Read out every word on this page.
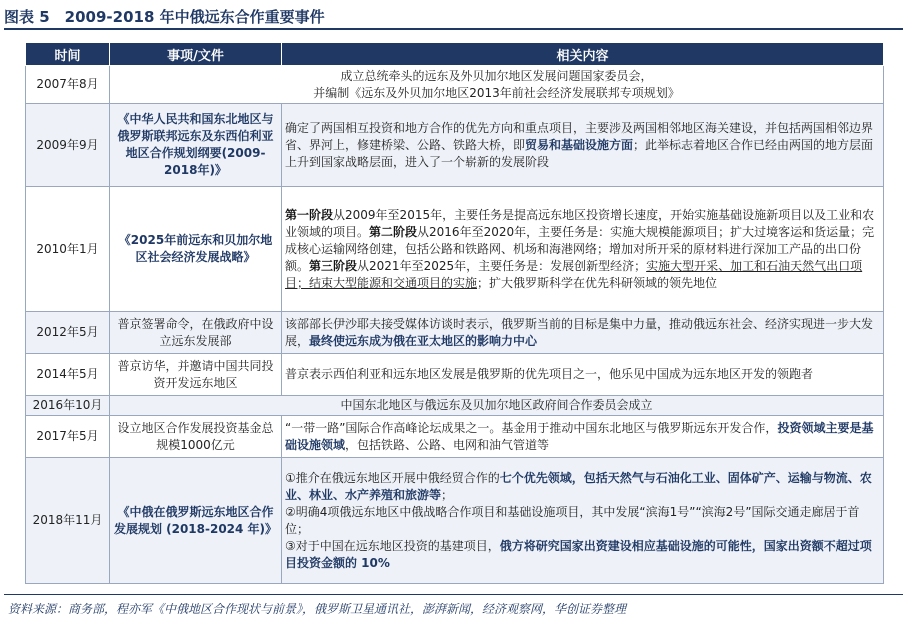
图表 5　2009-2018 年中俄远东合作重要事件
时间	事项/文件	相关内容
2007年8月	成立总统牵头的远东及外贝加尔地区发展问题国家委员会，
并编制《远东及外贝加尔地区2013年前社会经济发展联邦专项规划》	
2009年9月	《中华人民共和国东北地区与俄罗斯联邦远东及东西伯利亚地区合作规划纲要(2009-2018年)》	确定了两国相互投资和地方合作的优先方向和重点项目，主要涉及两国相邻地区海关建设，并包括两国相邻边界省、界河上，修建桥梁、公路、铁路大桥，即贸易和基础设施方面；此举标志着地区合作已经由两国的地方层面上升到国家战略层面，进入了一个崭新的发展阶段
2010年1月	《2025年前远东和贝加尔地区社会经济发展战略》	第一阶段从2009年至2015年，主要任务是提高远东地区投资增长速度，开始实施基础设施新项目以及工业和农业领域的项目。第二阶段从2016年至2020年，主要任务是：实施大规模能源项目；扩大过境客运和货运量；完成核心运输网络创建，包括公路和铁路网、机场和海港网络；增加对所开采的原材料进行深加工产品的出口份额。第三阶段从2021年至2025年，主要任务是：发展创新型经济；实施大型开采、加工和石油天然气出口项目；结束大型能源和交通项目的实施；扩大俄罗斯科学在优先科研领域的领先地位
2012年5月	普京签署命令，在俄政府中设立远东发展部	该部部长伊沙耶夫接受媒体访谈时表示，俄罗斯当前的目标是集中力量，推动俄远东社会、经济实现进一步大发展，最终使远东成为俄在亚太地区的影响力中心
2014年5月	普京访华，并邀请中国共同投资开发远东地区	普京表示西伯利亚和远东地区发展是俄罗斯的优先项目之一，他乐见中国成为远东地区开发的领跑者
2016年10月	中国东北地区与俄远东及贝加尔地区政府间合作委员会成立	
2017年5月	设立地区合作发展投资基金总规模1000亿元	“一带一路”国际合作高峰论坛成果之一。基金用于推动中国东北地区与俄罗斯远东开发合作，投资领域主要是基础设施领域，包括铁路、公路、电网和油气管道等
2018年11月	《中俄在俄罗斯远东地区合作发展规划 (2018-2024 年)》	①推介在俄远东地区开展中俄经贸合作的七个优先领域，包括天然气与石油化工业、固体矿产、运输与物流、农业、林业、水产养殖和旅游等；
②明确4项俄远东地区中俄战略合作项目和基础设施项目，其中发展“滨海1号”“滨海2号”国际交通走廊居于首位；
③对于中国在远东地区投资的基建项目，俄方将研究国家出资建设相应基础设施的可能性，国家出资额不超过项目投资金额的 10%
资料来源：商务部，程亦军《中俄地区合作现状与前景》，俄罗斯卫星通讯社，澎湃新闻，经济观察网，华创证券整理
